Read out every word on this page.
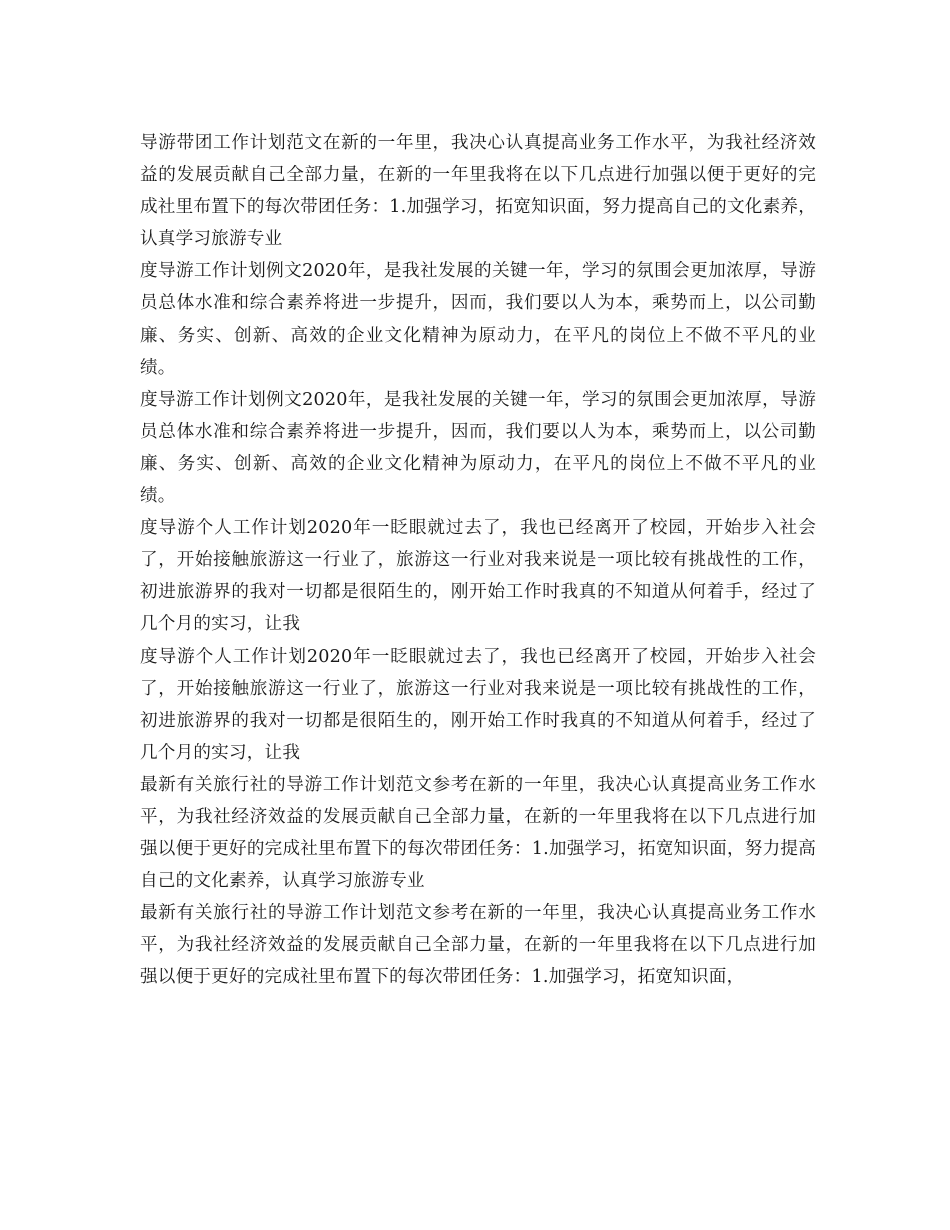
导游带团工作计划范文在新的一年里，我决心认真提高业务工作水平，为我社经济效益的发展贡献自己全部力量，在新的一年里我将在以下几点进行加强以便于更好的完成社里布置下的每次带团任务：1.加强学习，拓宽知识面，努力提高自己的文化素养，认真学习旅游专业

度导游工作计划例文2020年，是我社发展的关键一年，学习的氛围会更加浓厚，导游员总体水准和综合素养将进一步提升，因而，我们要以人为本，乘势而上，以公司勤廉、务实、创新、高效的企业文化精神为原动力，在平凡的岗位上不做不平凡的业绩。

度导游工作计划例文2020年，是我社发展的关键一年，学习的氛围会更加浓厚，导游员总体水准和综合素养将进一步提升，因而，我们要以人为本，乘势而上，以公司勤廉、务实、创新、高效的企业文化精神为原动力，在平凡的岗位上不做不平凡的业绩。

度导游个人工作计划2020年一眨眼就过去了，我也已经离开了校园，开始步入社会了，开始接触旅游这一行业了，旅游这一行业对我来说是一项比较有挑战性的工作，初进旅游界的我对一切都是很陌生的，刚开始工作时我真的不知道从何着手，经过了几个月的实习，让我

度导游个人工作计划2020年一眨眼就过去了，我也已经离开了校园，开始步入社会了，开始接触旅游这一行业了，旅游这一行业对我来说是一项比较有挑战性的工作，初进旅游界的我对一切都是很陌生的，刚开始工作时我真的不知道从何着手，经过了几个月的实习，让我

最新有关旅行社的导游工作计划范文参考在新的一年里，我决心认真提高业务工作水平，为我社经济效益的发展贡献自己全部力量，在新的一年里我将在以下几点进行加强以便于更好的完成社里布置下的每次带团任务：1.加强学习，拓宽知识面，努力提高自己的文化素养，认真学习旅游专业

最新有关旅行社的导游工作计划范文参考在新的一年里，我决心认真提高业务工作水平，为我社经济效益的发展贡献自己全部力量，在新的一年里我将在以下几点进行加强以便于更好的完成社里布置下的每次带团任务：1.加强学习，拓宽知识面，
